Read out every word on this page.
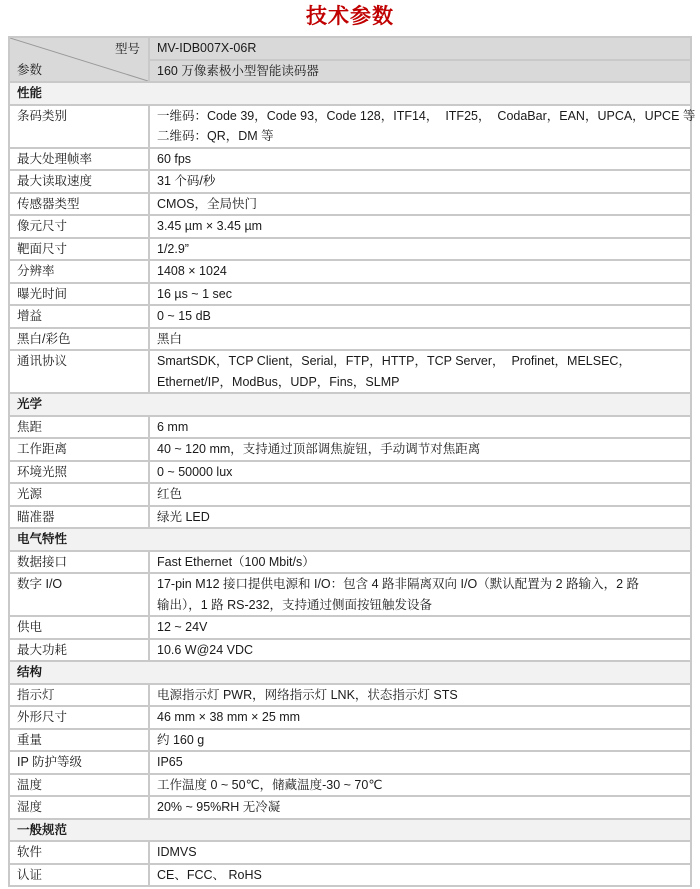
技术参数
型号
参数	MV-IDB007X-06R
	160 万像素极小型智能读码器
性能	
条码类别	一维码：Code 39，Code 93，Code 128，ITF14，  ITF25，  CodaBar，EAN，UPCA，UPCE 等
二维码：QR，DM 等

最大处理帧率	60 fps

最大读取速度	31 个码/秒

传感器类型	CMOS，全局快门

像元尺寸	3.45 µm × 3.45 µm

靶面尺寸	1/2.9”

分辨率	1408 × 1024

曝光时间	16 µs ~ 1 sec

增益	0 ~ 15 dB

黑白/彩色	黑白

通讯协议	SmartSDK，TCP Client，Serial，FTP，HTTP，TCP Server，  Profinet，MELSEC，
Ethernet/IP，ModBus，UDP，Fins，SLMP

光学	
焦距	6 mm

工作距离	40 ~ 120 mm，支持通过顶部调焦旋钮，手动调节对焦距离

环境光照	0 ~ 50000 lux

光源	红色

瞄准器	绿光 LED

电气特性	
数据接口	Fast Ethernet（100 Mbit/s）

数字 I/O	17-pin M12 接口提供电源和 I/O：包含 4 路非隔离双向 I/O（默认配置为 2 路输入，2 路
输出），1 路 RS-232，支持通过侧面按钮触发设备

供电	12 ~ 24V

最大功耗	10.6 W@24 VDC

结构	
指示灯	电源指示灯 PWR，网络指示灯 LNK，状态指示灯 STS

外形尺寸	46 mm × 38 mm × 25 mm

重量	约 160 g

IP 防护等级	IP65

温度	工作温度 0 ~ 50℃，储藏温度-30 ~ 70℃

湿度	20% ~ 95%RH 无冷凝

一般规范	
软件	IDMVS

认证	CE、FCC、 RoHS
